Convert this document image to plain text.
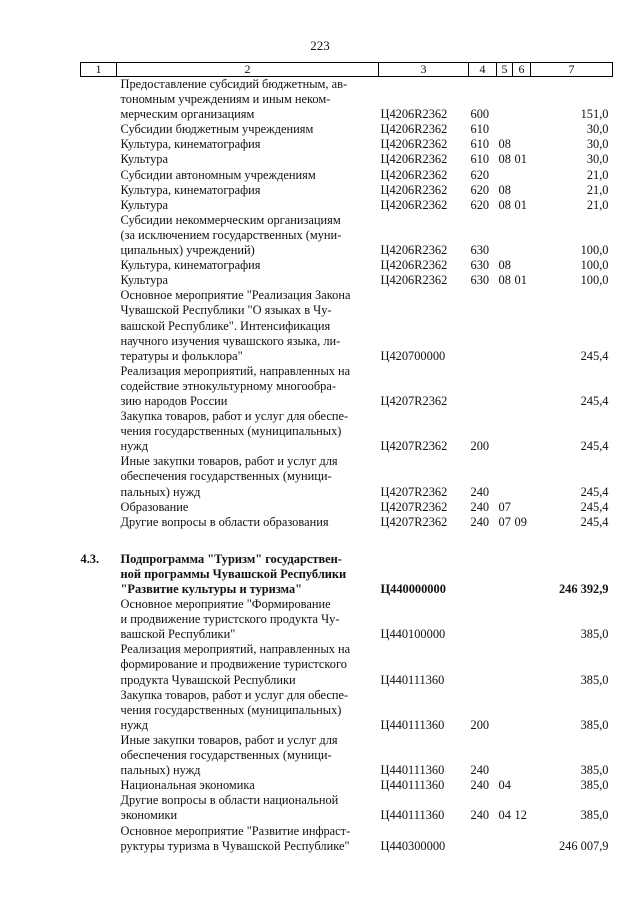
223
1	2	3	4	5	6	7
	Предоставление субсидий бюджетным, ав-
тономным учреждениям и иным неком-
мерческим организациям	Ц4206R2362	600			151,0
	Субсидии бюджетным учреждениям	Ц4206R2362	610			30,0
	Культура, кинематография	Ц4206R2362	610	08		30,0
	Культура	Ц4206R2362	610	08	01	30,0
	Субсидии автономным учреждениям	Ц4206R2362	620			21,0
	Культура, кинематография	Ц4206R2362	620	08		21,0
	Культура	Ц4206R2362	620	08	01	21,0
	Субсидии некоммерческим организациям
(за исключением государственных (муни-
ципальных) учреждений)	Ц4206R2362	630			100,0
	Культура, кинематография	Ц4206R2362	630	08		100,0
	Культура	Ц4206R2362	630	08	01	100,0
	Основное мероприятие "Реализация Закона
Чувашской Республики "О языках в Чу-
вашской Республике". Интенсификация
научного изучения чувашского языка, ли-
тературы и фольклора"	Ц420700000				245,4
	Реализация мероприятий, направленных на
содействие этнокультурному многообра-
зию народов России	Ц4207R2362				245,4
	Закупка товаров, работ и услуг для обеспе-
чения государственных (муниципальных)
нужд	Ц4207R2362	200			245,4
	Иные закупки товаров, работ и услуг для
обеспечения государственных (муници-
пальных) нужд	Ц4207R2362	240			245,4
	Образование	Ц4207R2362	240	07		245,4
	Другие вопросы в области образования	Ц4207R2362	240	07	09	245,4

4.3.	Подпрограмма "Туризм" государствен-
ной программы Чувашской Республики
"Развитие культуры и туризма"	Ц440000000				246 392,9
	Основное мероприятие "Формирование
и продвижение туристского продукта Чу-
вашской Республики"	Ц440100000				385,0
	Реализация мероприятий, направленных на
формирование и продвижение туристского
продукта Чувашской Республики	Ц440111360				385,0
	Закупка товаров, работ и услуг для обеспе-
чения государственных (муниципальных)
нужд	Ц440111360	200			385,0
	Иные закупки товаров, работ и услуг для
обеспечения государственных (муници-
пальных) нужд	Ц440111360	240			385,0
	Национальная экономика	Ц440111360	240	04		385,0
	Другие вопросы в области национальной
экономики	Ц440111360	240	04	12	385,0
	Основное мероприятие "Развитие инфраст-
руктуры туризма в Чувашской Республике"	Ц440300000				246 007,9
